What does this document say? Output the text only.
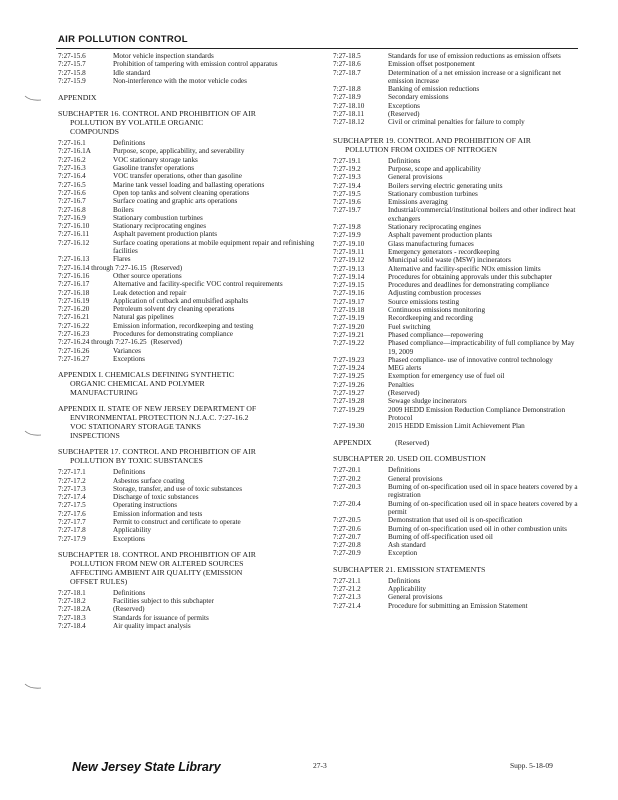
AIR POLLUTION CONTROL
7:27-15.6	Motor vehicle inspection standards
7:27-15.7	Prohibition of tampering with emission control apparatus
7:27-15.8	Idle standard
7:27-15.9	Non-interference with the motor vehicle codes
APPENDIX
SUBCHAPTER 16. CONTROL AND PROHIBITION OF AIR
POLLUTION BY VOLATILE ORGANIC
COMPOUNDS
7:27-16.1	Definitions
7:27-16.1A	Purpose, scope, applicability, and severability
7:27-16.2	VOC stationary storage tanks
7:27-16.3	Gasoline transfer operations
7:27-16.4	VOC transfer operations, other than gasoline
7:27-16.5	Marine tank vessel loading and ballasting operations
7:27-16.6	Open top tanks and solvent cleaning operations
7:27-16.7	Surface coating and graphic arts operations
7:27-16.8	Boilers
7:27-16.9	Stationary combustion turbines
7:27-16.10	Stationary reciprocating engines
7:27-16.11	Asphalt pavement production plants
7:27-16.12	Surface coating operations at mobile equipment repair and refinishing facilities
7:27-16.13	Flares
7:27-16.14 through 7:27-16.15 (Reserved)
7:27-16.16	Other source operations
7:27-16.17	Alternative and facility-specific VOC control requirements
7:27-16.18	Leak detection and repair
7:27-16.19	Application of cutback and emulsified asphalts
7:27-16.20	Petroleum solvent dry cleaning operations
7:27-16.21	Natural gas pipelines
7:27-16.22	Emission information, recordkeeping and testing
7:27-16.23	Procedures for demonstrating compliance
7:27-16.24 through 7:27-16.25 (Reserved)
7:27-16.26	Variances
7:27-16.27	Exceptions
APPENDIX I. CHEMICALS DEFINING SYNTHETIC
ORGANIC CHEMICAL AND POLYMER
MANUFACTURING
APPENDIX II. STATE OF NEW JERSEY DEPARTMENT OF
ENVIRONMENTAL PROTECTION N.J.A.C. 7:27-16.2
VOC STATIONARY STORAGE TANKS
INSPECTIONS
SUBCHAPTER 17. CONTROL AND PROHIBITION OF AIR
POLLUTION BY TOXIC SUBSTANCES
7:27-17.1	Definitions
7:27-17.2	Asbestos surface coating
7:27-17.3	Storage, transfer, and use of toxic substances
7:27-17.4	Discharge of toxic substances
7:27-17.5	Operating instructions
7:27-17.6	Emission information and tests
7:27-17.7	Permit to construct and certificate to operate
7:27-17.8	Applicability
7:27-17.9	Exceptions
SUBCHAPTER 18. CONTROL AND PROHIBITION OF AIR
POLLUTION FROM NEW OR ALTERED SOURCES
AFFECTING AMBIENT AIR QUALITY (EMISSION
OFFSET RULES)
7:27-18.1	Definitions
7:27-18.2	Facilities subject to this subchapter
7:27-18.2A	(Reserved)
7:27-18.3	Standards for issuance of permits
7:27-18.4	Air quality impact analysis
7:27-18.5	Standards for use of emission reductions as emission offsets
7:27-18.6	Emission offset postponement
7:27-18.7	Determination of a net emission increase or a significant net emission increase
7:27-18.8	Banking of emission reductions
7:27-18.9	Secondary emissions
7:27-18.10	Exceptions
7:27-18.11	(Reserved)
7:27-18.12	Civil or criminal penalties for failure to comply
SUBCHAPTER 19. CONTROL AND PROHIBITION OF AIR
POLLUTION FROM OXIDES OF NITROGEN
7:27-19.1	Definitions
7:27-19.2	Purpose, scope and applicability
7:27-19.3	General provisions
7:27-19.4	Boilers serving electric generating units
7:27-19.5	Stationary combustion turbines
7:27-19.6	Emissions averaging
7:27-19.7	Industrial/commercial/institutional boilers and other indirect heat exchangers
7:27-19.8	Stationary reciprocating engines
7:27-19.9	Asphalt pavement production plants
7:27-19.10	Glass manufacturing furnaces
7:27-19.11	Emergency generators - recordkeeping
7:27-19.12	Municipal solid waste (MSW) incinerators
7:27-19.13	Alternative and facility-specific NOx emission limits
7:27-19.14	Procedures for obtaining approvals under this subchapter
7:27-19.15	Procedures and deadlines for demonstrating compliance
7:27-19.16	Adjusting combustion processes
7:27-19.17	Source emissions testing
7:27-19.18	Continuous emissions monitoring
7:27-19.19	Recordkeeping and recording
7:27-19.20	Fuel switching
7:27-19.21	Phased compliance—repowering
7:27-19.22	Phased compliance—impracticability of full compliance by May 19, 2009
7:27-19.23	Phased compliance- use of innovative control technology
7:27-19.24	MEG alerts
7:27-19.25	Exemption for emergency use of fuel oil
7:27-19.26	Penalties
7:27-19.27	(Reserved)
7:27-19.28	Sewage sludge incinerators
7:27-19.29	2009 HEDD Emission Reduction Compliance Demonstration Protocol
7:27-19.30	2015 HEDD Emission Limit Achievement Plan
APPENDIX	(Reserved)
SUBCHAPTER 20. USED OIL COMBUSTION
7:27-20.1	Definitions
7:27-20.2	General provisions
7:27-20.3	Burning of on-specification used oil in space heaters covered by a registration
7:27-20.4	Burning of on-specification used oil in space heaters covered by a permit
7:27-20.5	Demonstration that used oil is on-specification
7:27-20.6	Burning of on-specification used oil in other combustion units
7:27-20.7	Burning of off-specification used oil
7:27-20.8	Ash standard
7:27-20.9	Exception
SUBCHAPTER 21. EMISSION STATEMENTS
7:27-21.1	Definitions
7:27-21.2	Applicability
7:27-21.3	General provisions
7:27-21.4	Procedure for submitting an Emission Statement
New Jersey State Library	27-3	Supp. 5-18-09
